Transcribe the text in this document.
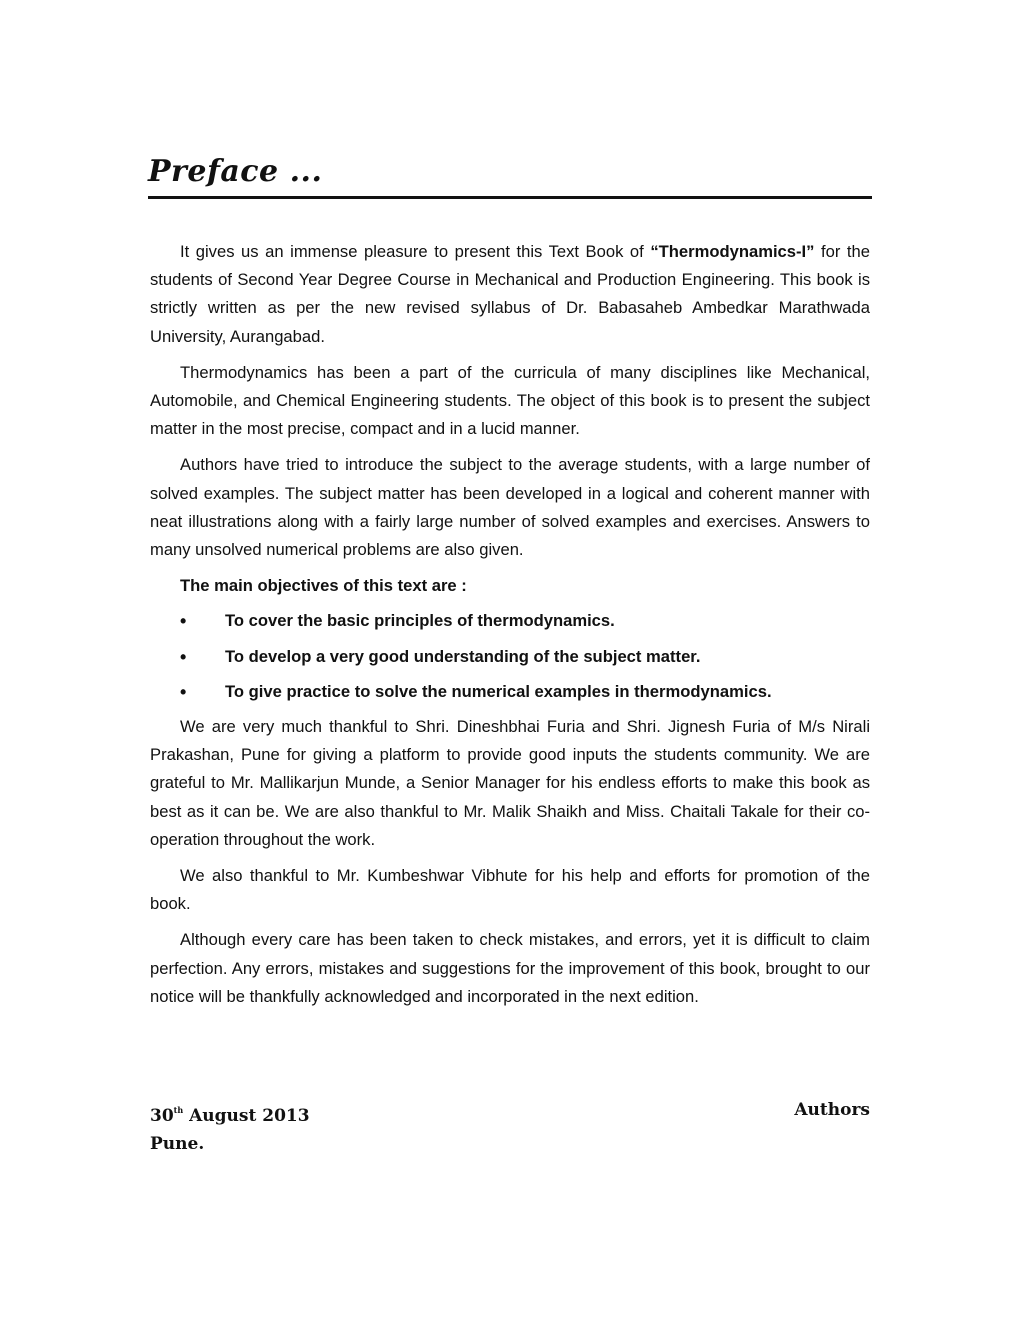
Preface ...

It gives us an immense pleasure to present this Text Book of “Thermodynamics-I” for the students of Second Year Degree Course in Mechanical and Production Engineering. This book is strictly written as per the new revised syllabus of Dr. Babasaheb Ambedkar Marathwada University, Aurangabad.

Thermodynamics has been a part of the curricula of many disciplines like Mechanical, Automobile, and Chemical Engineering students. The object of this book is to present the subject matter in the most precise, compact and in a lucid manner.

Authors have tried to introduce the subject to the average students, with a large number of solved examples. The subject matter has been developed in a logical and coherent manner with neat illustrations along with a fairly large number of solved examples and exercises. Answers to many unsolved numerical problems are also given.

The main objectives of this text are :
•	To cover the basic principles of thermodynamics.
•	To develop a very good understanding of the subject matter.
•	To give practice to solve the numerical examples in thermodynamics.

We are very much thankful to Shri. Dineshbhai Furia and Shri. Jignesh Furia of M/s Nirali Prakashan, Pune for giving a platform to provide good inputs the students community. We are grateful to Mr. Mallikarjun Munde, a Senior Manager for his endless efforts to make this book as best as it can be. We are also thankful to Mr. Malik Shaikh and Miss. Chaitali Takale for their co-operation throughout the work.

We also thankful to Mr. Kumbeshwar Vibhute for his help and efforts for promotion of the book.

Although every care has been taken to check mistakes, and errors, yet it is difficult to claim perfection. Any errors, mistakes and suggestions for the improvement of this book, brought to our notice will be thankfully acknowledged and incorporated in the next edition.

30th August 2013	Authors
Pune.
